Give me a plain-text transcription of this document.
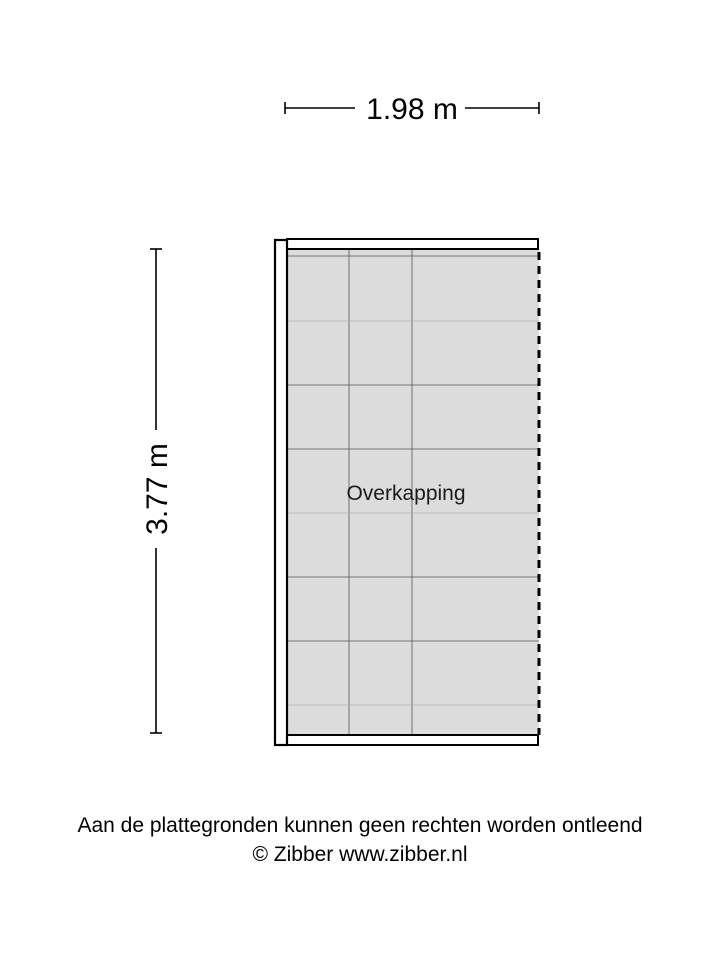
1.98 m
3.77 m	Overkapping
Aan de plattegronden kunnen geen rechten worden ontleend
© Zibber www.zibber.nl
